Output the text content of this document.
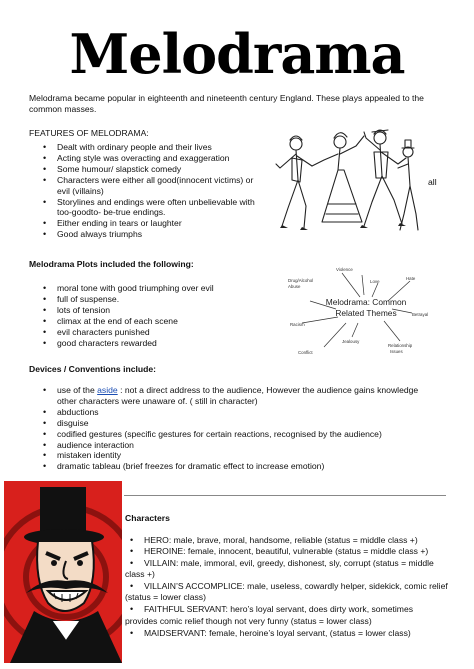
Melodrama
Melodrama became popular in eighteenth and nineteenth century England. These plays appealed to the common masses.
FEATURES OF MELODRAMA:
• Dealt with ordinary people and their lives
• Acting style was overacting and exaggeration
• Some humour/ slapstick comedy
• Characters were either all good(innocent victims) or
evil (villains)
• Storylines and endings were often unbelievable with
too-goodto- be-true endings.
• Either ending in tears or laughter
• Good always triumphs
all
Melodrama Plots included the following:
• moral tone with good triumphing over evil
• full of suspense.
• lots of tension
• climax at the end of each scene
• evil characters punished
• good characters rewarded
Melodrama: Common
Related Themes
Drug/Alcohol
Abuse
Violence
Love
Hate
Betrayal
Racism
Jealousy
Relationship
Issues
Conflict
Devices / Conventions include:
• use of the aside : not a direct address to the audience, However the audience gains knowledge
other characters were unaware of. ( still in character)
• abductions
• disguise
• codified gestures (specific gestures for certain reactions, recognised by the audience)
• audience interaction
• mistaken identity
• dramatic tableau (brief freezes for dramatic effect to increase emotion)
Characters
• HERO: male, brave, moral, handsome, reliable (status = middle class +)
• HEROINE: female, innocent, beautiful, vulnerable (status = middle class +)
• VILLAIN: male, immoral, evil, greedy, dishonest, sly, corrupt (status = middle
class +)
• VILLAIN’S ACCOMPLICE: male, useless, cowardly helper, sidekick, comic relief
(status = lower class)
• FAITHFUL SERVANT: hero’s loyal servant, does dirty work, sometimes
provides comic relief though not very funny (status = lower class)
• MAIDSERVANT: female, heroine’s loyal servant, (status = lower class)
